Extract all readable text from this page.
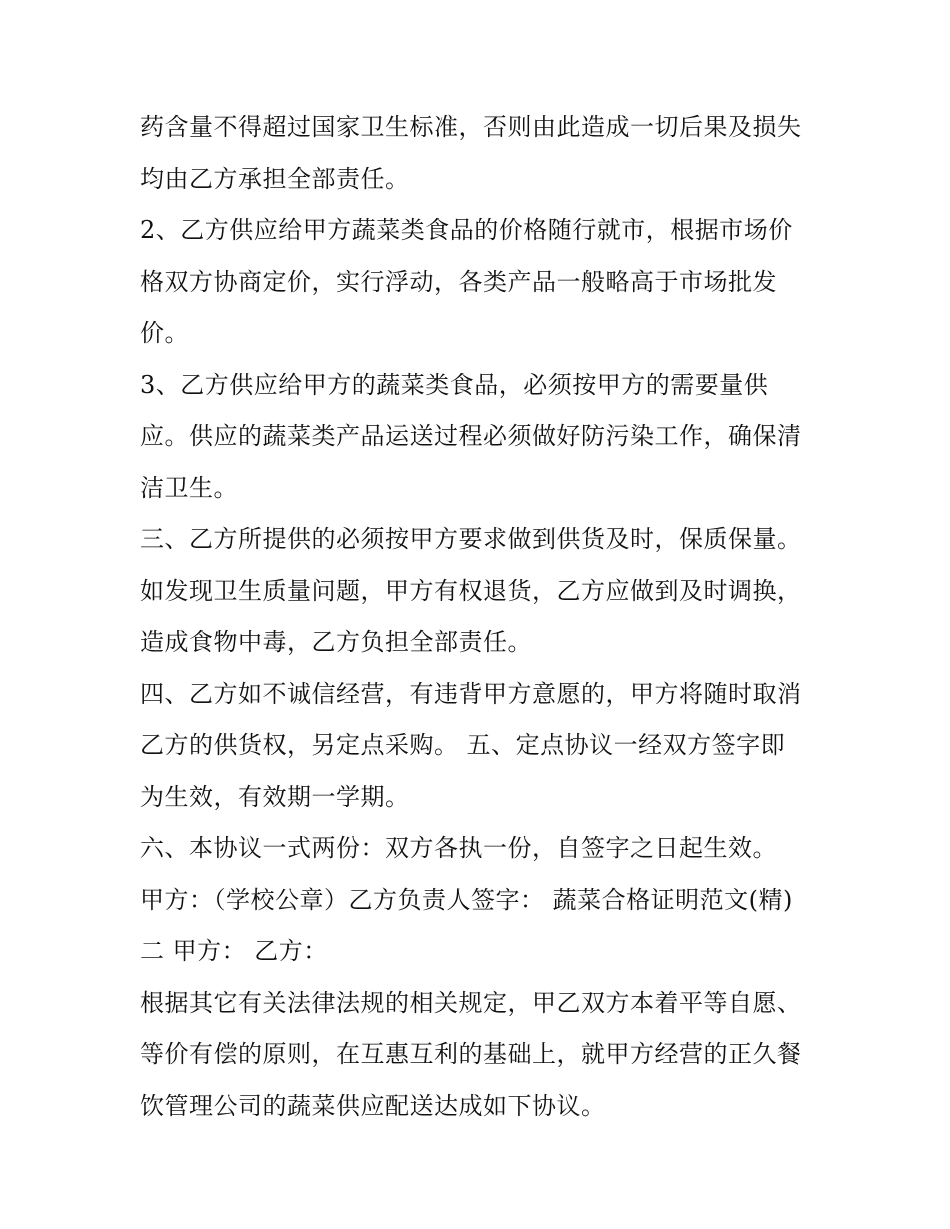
药含量不得超过国家卫生标准，否则由此造成一切后果及损失
均由乙方承担全部责任。
2、乙方供应给甲方蔬菜类食品的价格随行就市，根据市场价
格双方协商定价，实行浮动，各类产品一般略高于市场批发
价。
3、乙方供应给甲方的蔬菜类食品，必须按甲方的需要量供
应。供应的蔬菜类产品运送过程必须做好防污染工作，确保清
洁卫生。
三、乙方所提供的必须按甲方要求做到供货及时，保质保量。
如发现卫生质量问题，甲方有权退货，乙方应做到及时调换，
造成食物中毒，乙方负担全部责任。
四、乙方如不诚信经营，有违背甲方意愿的，甲方将随时取消
乙方的供货权，另定点采购。 五、定点协议一经双方签字即
为生效，有效期一学期。
六、本协议一式两份：双方各执一份，自签字之日起生效。
甲方：（学校公章）乙方负责人签字： 蔬菜合格证明范文(精)
二 甲方： 乙方：
根据其它有关法律法规的相关规定，甲乙双方本着平等自愿、
等价有偿的原则，在互惠互利的基础上，就甲方经营的正久餐
饮管理公司的蔬菜供应配送达成如下协议。
